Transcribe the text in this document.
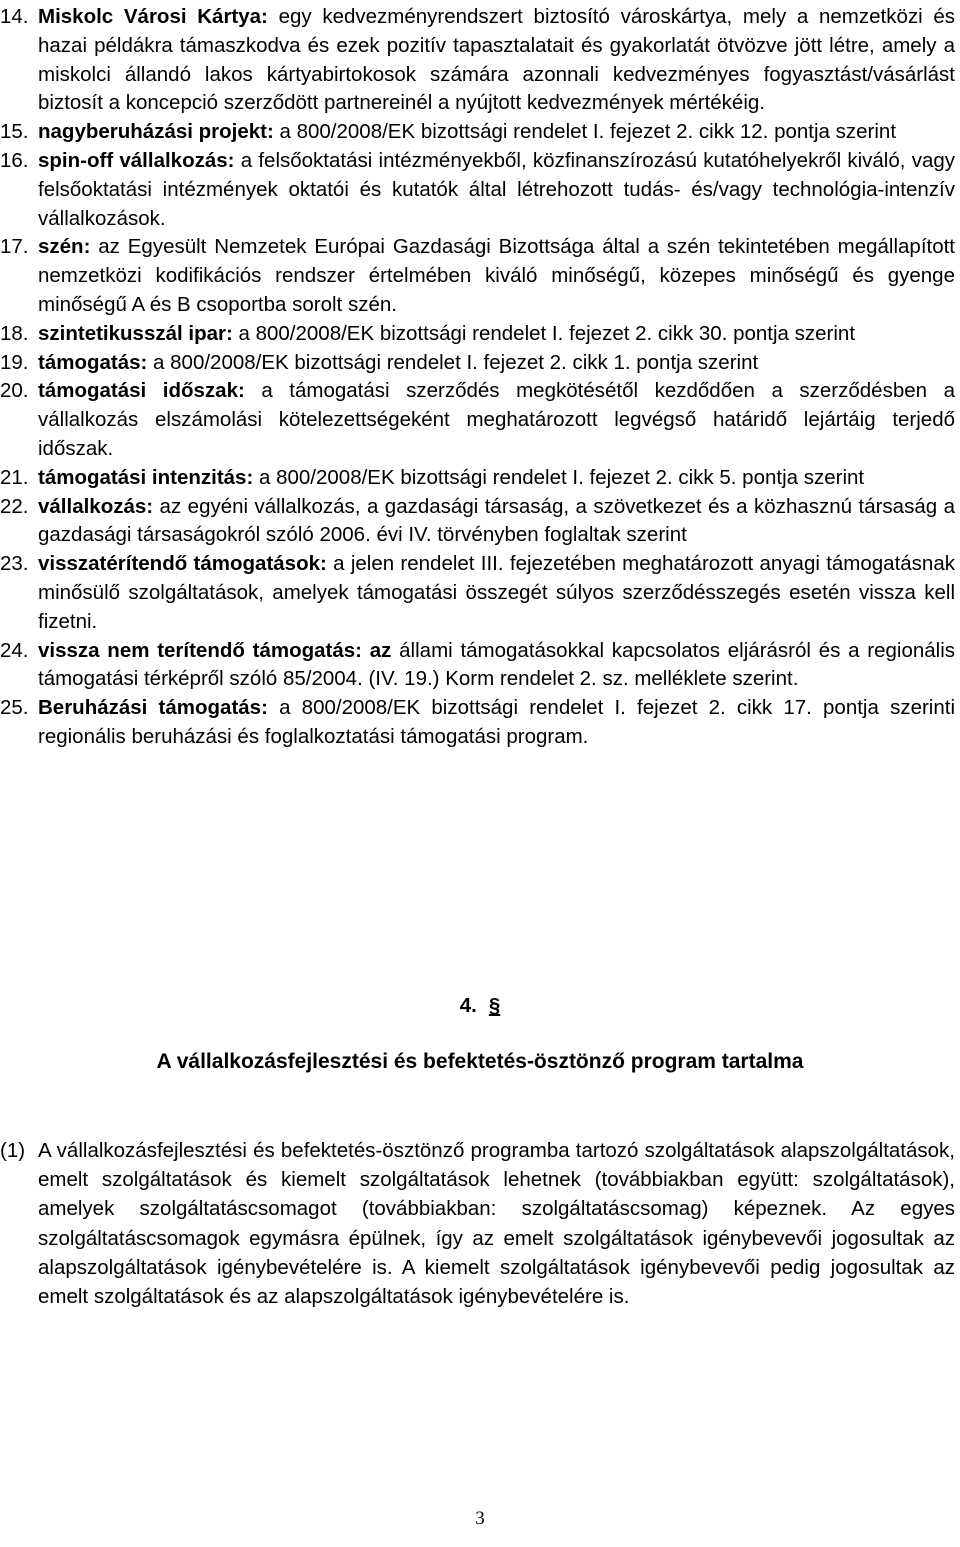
14. Miskolc Városi Kártya: egy kedvezményrendszert biztosító városkártya, mely a nemzetközi és hazai példákra támaszkodva és ezek pozitív tapasztalatait és gyakorlatát ötvözve jött létre, amely a miskolci állandó lakos kártyabirtokosok számára azonnali kedvezményes fogyasztást/vásárlást biztosít a koncepció szerződött partnereinél a nyújtott kedvezmények mértékéig.
15. nagyberuházási projekt: a 800/2008/EK bizottsági rendelet I. fejezet 2. cikk 12. pontja szerint
16. spin-off vállalkozás: a felsőoktatási intézményekből, közfinanszírozású kutatóhelyekről kiváló, vagy felsőoktatási intézmények oktatói és kutatók által létrehozott tudás- és/vagy technológia-intenzív vállalkozások.
17. szén: az Egyesült Nemzetek Európai Gazdasági Bizottsága által a szén tekintetében megállapított nemzetközi kodifikációs rendszer értelmében kiváló minőségű, közepes minőségű és gyenge minőségű A és B csoportba sorolt szén.
18. szintetikusszál ipar: a 800/2008/EK bizottsági rendelet I. fejezet 2. cikk 30. pontja szerint
19. támogatás: a 800/2008/EK bizottsági rendelet I. fejezet 2. cikk 1. pontja szerint
20. támogatási időszak: a támogatási szerződés megkötésétől kezdődően a szerződésben a vállalkozás elszámolási kötelezettségeként meghatározott legvégső határidő lejártáig terjedő időszak.
21. támogatási intenzitás: a 800/2008/EK bizottsági rendelet I. fejezet 2. cikk 5. pontja szerint
22. vállalkozás: az egyéni vállalkozás, a gazdasági társaság, a szövetkezet és a közhasznú társaság a gazdasági társaságokról szóló 2006. évi IV. törvényben foglaltak szerint
23. visszatérítendő támogatások: a jelen rendelet III. fejezetében meghatározott anyagi támogatásnak minősülő szolgáltatások, amelyek támogatási összegét súlyos szerződésszegés esetén vissza kell fizetni.
24. vissza nem terítendő támogatás: az állami támogatásokkal kapcsolatos eljárásról és a regionális támogatási térképről szóló 85/2004. (IV. 19.) Korm rendelet 2. sz. melléklete szerint.
25. Beruházási támogatás: a 800/2008/EK bizottsági rendelet I. fejezet 2. cikk 17. pontja szerinti regionális beruházási és foglalkoztatási támogatási program.
4. §
A vállalkozásfejlesztési és befektetés-ösztönző program tartalma
(1) A vállalkozásfejlesztési és befektetés-ösztönző programba tartozó szolgáltatások alapszolgáltatások, emelt szolgáltatások és kiemelt szolgáltatások lehetnek (továbbiakban együtt: szolgáltatások), amelyek szolgáltatáscsomagot (továbbiakban: szolgáltatáscsomag) képeznek. Az egyes szolgáltatáscsomagok egymásra épülnek, így az emelt szolgáltatások igénybevevői jogosultak az alapszolgáltatások igénybevételére is. A kiemelt szolgáltatások igénybevevői pedig jogosultak az emelt szolgáltatások és az alapszolgáltatások igénybevételére is.
3
